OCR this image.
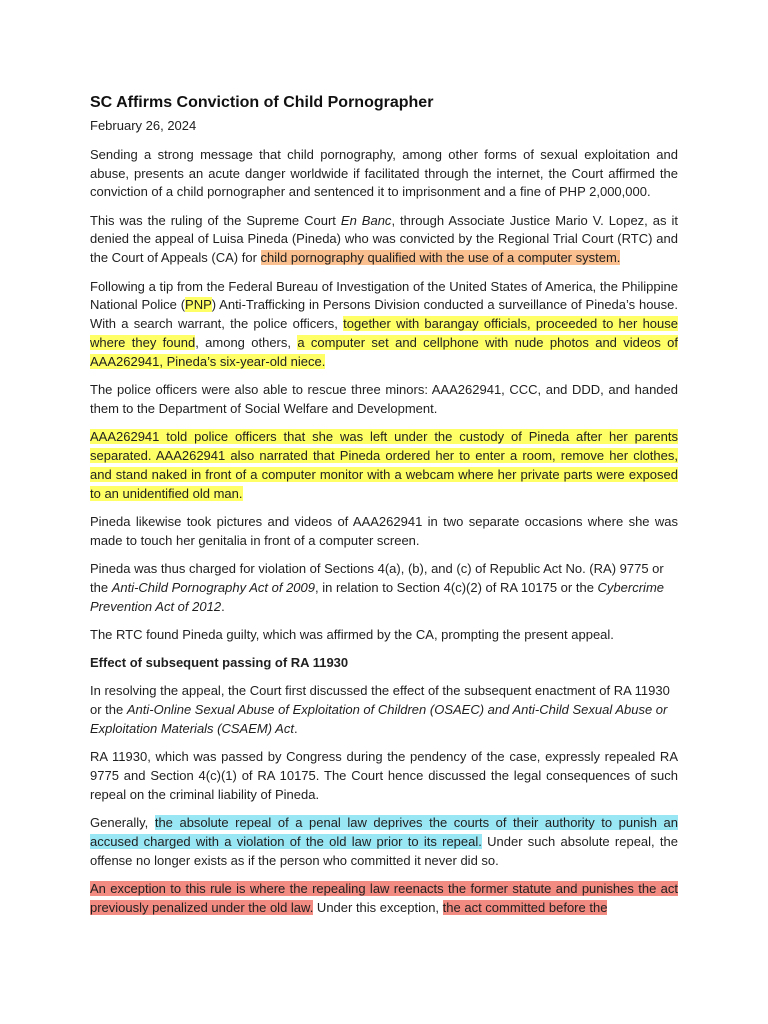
SC Affirms Conviction of Child Pornographer
February 26, 2024

Sending a strong message that child pornography, among other forms of sexual exploitation and abuse, presents an acute danger worldwide if facilitated through the internet, the Court affirmed the conviction of a child pornographer and sentenced it to imprisonment and a fine of PHP 2,000,000.

This was the ruling of the Supreme Court En Banc, through Associate Justice Mario V. Lopez, as it denied the appeal of Luisa Pineda (Pineda) who was convicted by the Regional Trial Court (RTC) and the Court of Appeals (CA) for child pornography qualified with the use of a computer system.

Following a tip from the Federal Bureau of Investigation of the United States of America, the Philippine National Police (PNP) Anti-Trafficking in Persons Division conducted a surveillance of Pineda’s house. With a search warrant, the police officers, together with barangay officials, proceeded to her house where they found, among others, a computer set and cellphone with nude photos and videos of AAA262941, Pineda’s six-year-old niece.

The police officers were also able to rescue three minors: AAA262941, CCC, and DDD, and handed them to the Department of Social Welfare and Development.

AAA262941 told police officers that she was left under the custody of Pineda after her parents separated. AAA262941 also narrated that Pineda ordered her to enter a room, remove her clothes, and stand naked in front of a computer monitor with a webcam where her private parts were exposed to an unidentified old man.

Pineda likewise took pictures and videos of AAA262941 in two separate occasions where she was made to touch her genitalia in front of a computer screen.

Pineda was thus charged for violation of Sections 4(a), (b), and (c) of Republic Act No. (RA) 9775 or the Anti-Child Pornography Act of 2009, in relation to Section 4(c)(2) of RA 10175 or the Cybercrime Prevention Act of 2012.

The RTC found Pineda guilty, which was affirmed by the CA, prompting the present appeal.

Effect of subsequent passing of RA 11930

In resolving the appeal, the Court first discussed the effect of the subsequent enactment of RA 11930 or the Anti-Online Sexual Abuse of Exploitation of Children (OSAEC) and Anti-Child Sexual Abuse or Exploitation Materials (CSAEM) Act.

RA 11930, which was passed by Congress during the pendency of the case, expressly repealed RA 9775 and Section 4(c)(1) of RA 10175. The Court hence discussed the legal consequences of such repeal on the criminal liability of Pineda.

Generally, the absolute repeal of a penal law deprives the courts of their authority to punish an accused charged with a violation of the old law prior to its repeal. Under such absolute repeal, the offense no longer exists as if the person who committed it never did so.

An exception to this rule is where the repealing law reenacts the former statute and punishes the act previously penalized under the old law. Under this exception, the act committed before the
